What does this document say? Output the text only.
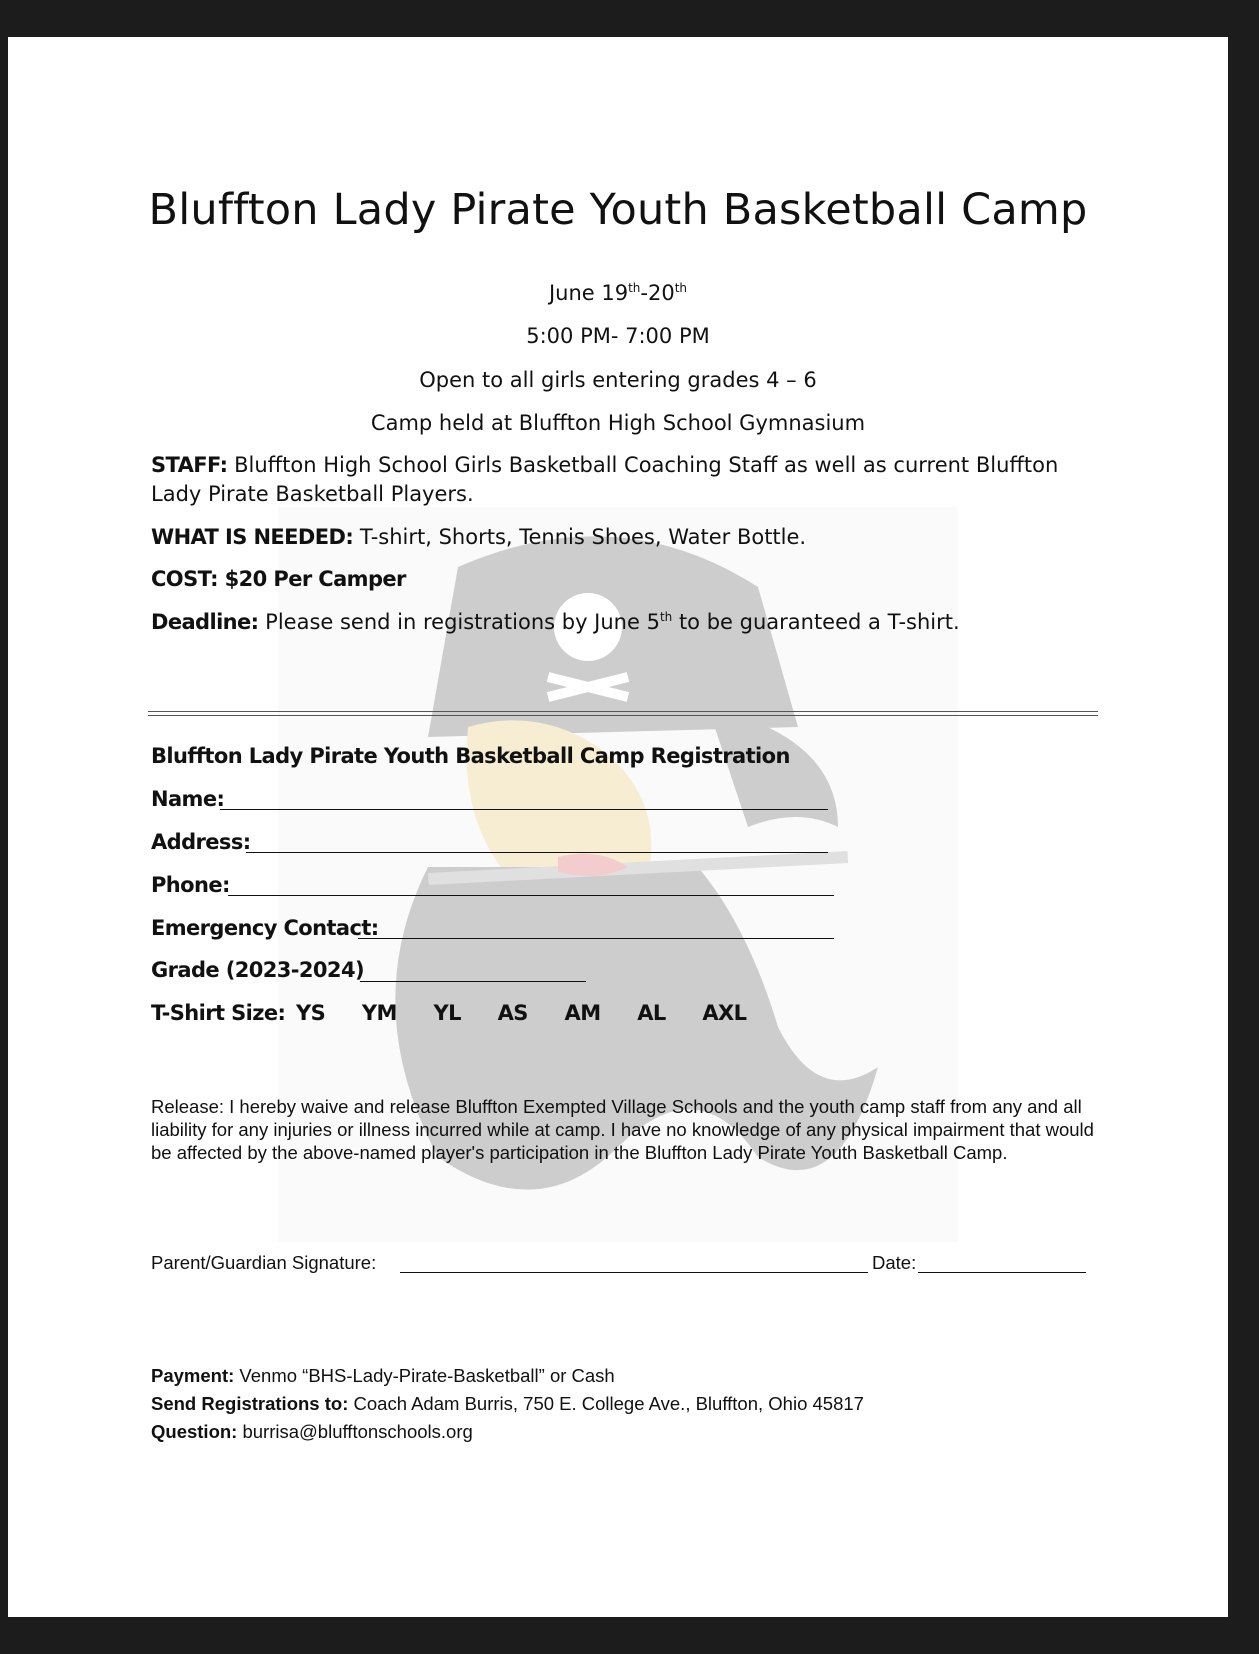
Bluffton Lady Pirate Youth Basketball Camp
June 19th-20th
5:00 PM- 7:00 PM
Open to all girls entering grades 4 – 6
Camp held at Bluffton High School Gymnasium
STAFF: Bluffton High School Girls Basketball Coaching Staff as well as current Bluffton
Lady Pirate Basketball Players.
WHAT IS NEEDED: T-shirt, Shorts, Tennis Shoes, Water Bottle.
COST: $20 Per Camper
Deadline: Please send in registrations by June 5th to be guaranteed a T-shirt.
Bluffton Lady Pirate Youth Basketball Camp Registration
Name:
Address:
Phone:
Emergency Contact:
Grade (2023-2024)
T-Shirt Size: YS YM YL AS AM AL AXL
Release: I hereby waive and release Bluffton Exempted Village Schools and the youth camp staff from any and all liability for any injuries or illness incurred while at camp. I have no knowledge of any physical impairment that would be affected by the above-named player's participation in the Bluffton Lady Pirate Youth Basketball Camp.
Parent/Guardian Signature:	Date:
Payment: Venmo “BHS-Lady-Pirate-Basketball” or Cash
Send Registrations to: Coach Adam Burris, 750 E. College Ave., Bluffton, Ohio 45817
Question: burrisa@blufftonschools.org
